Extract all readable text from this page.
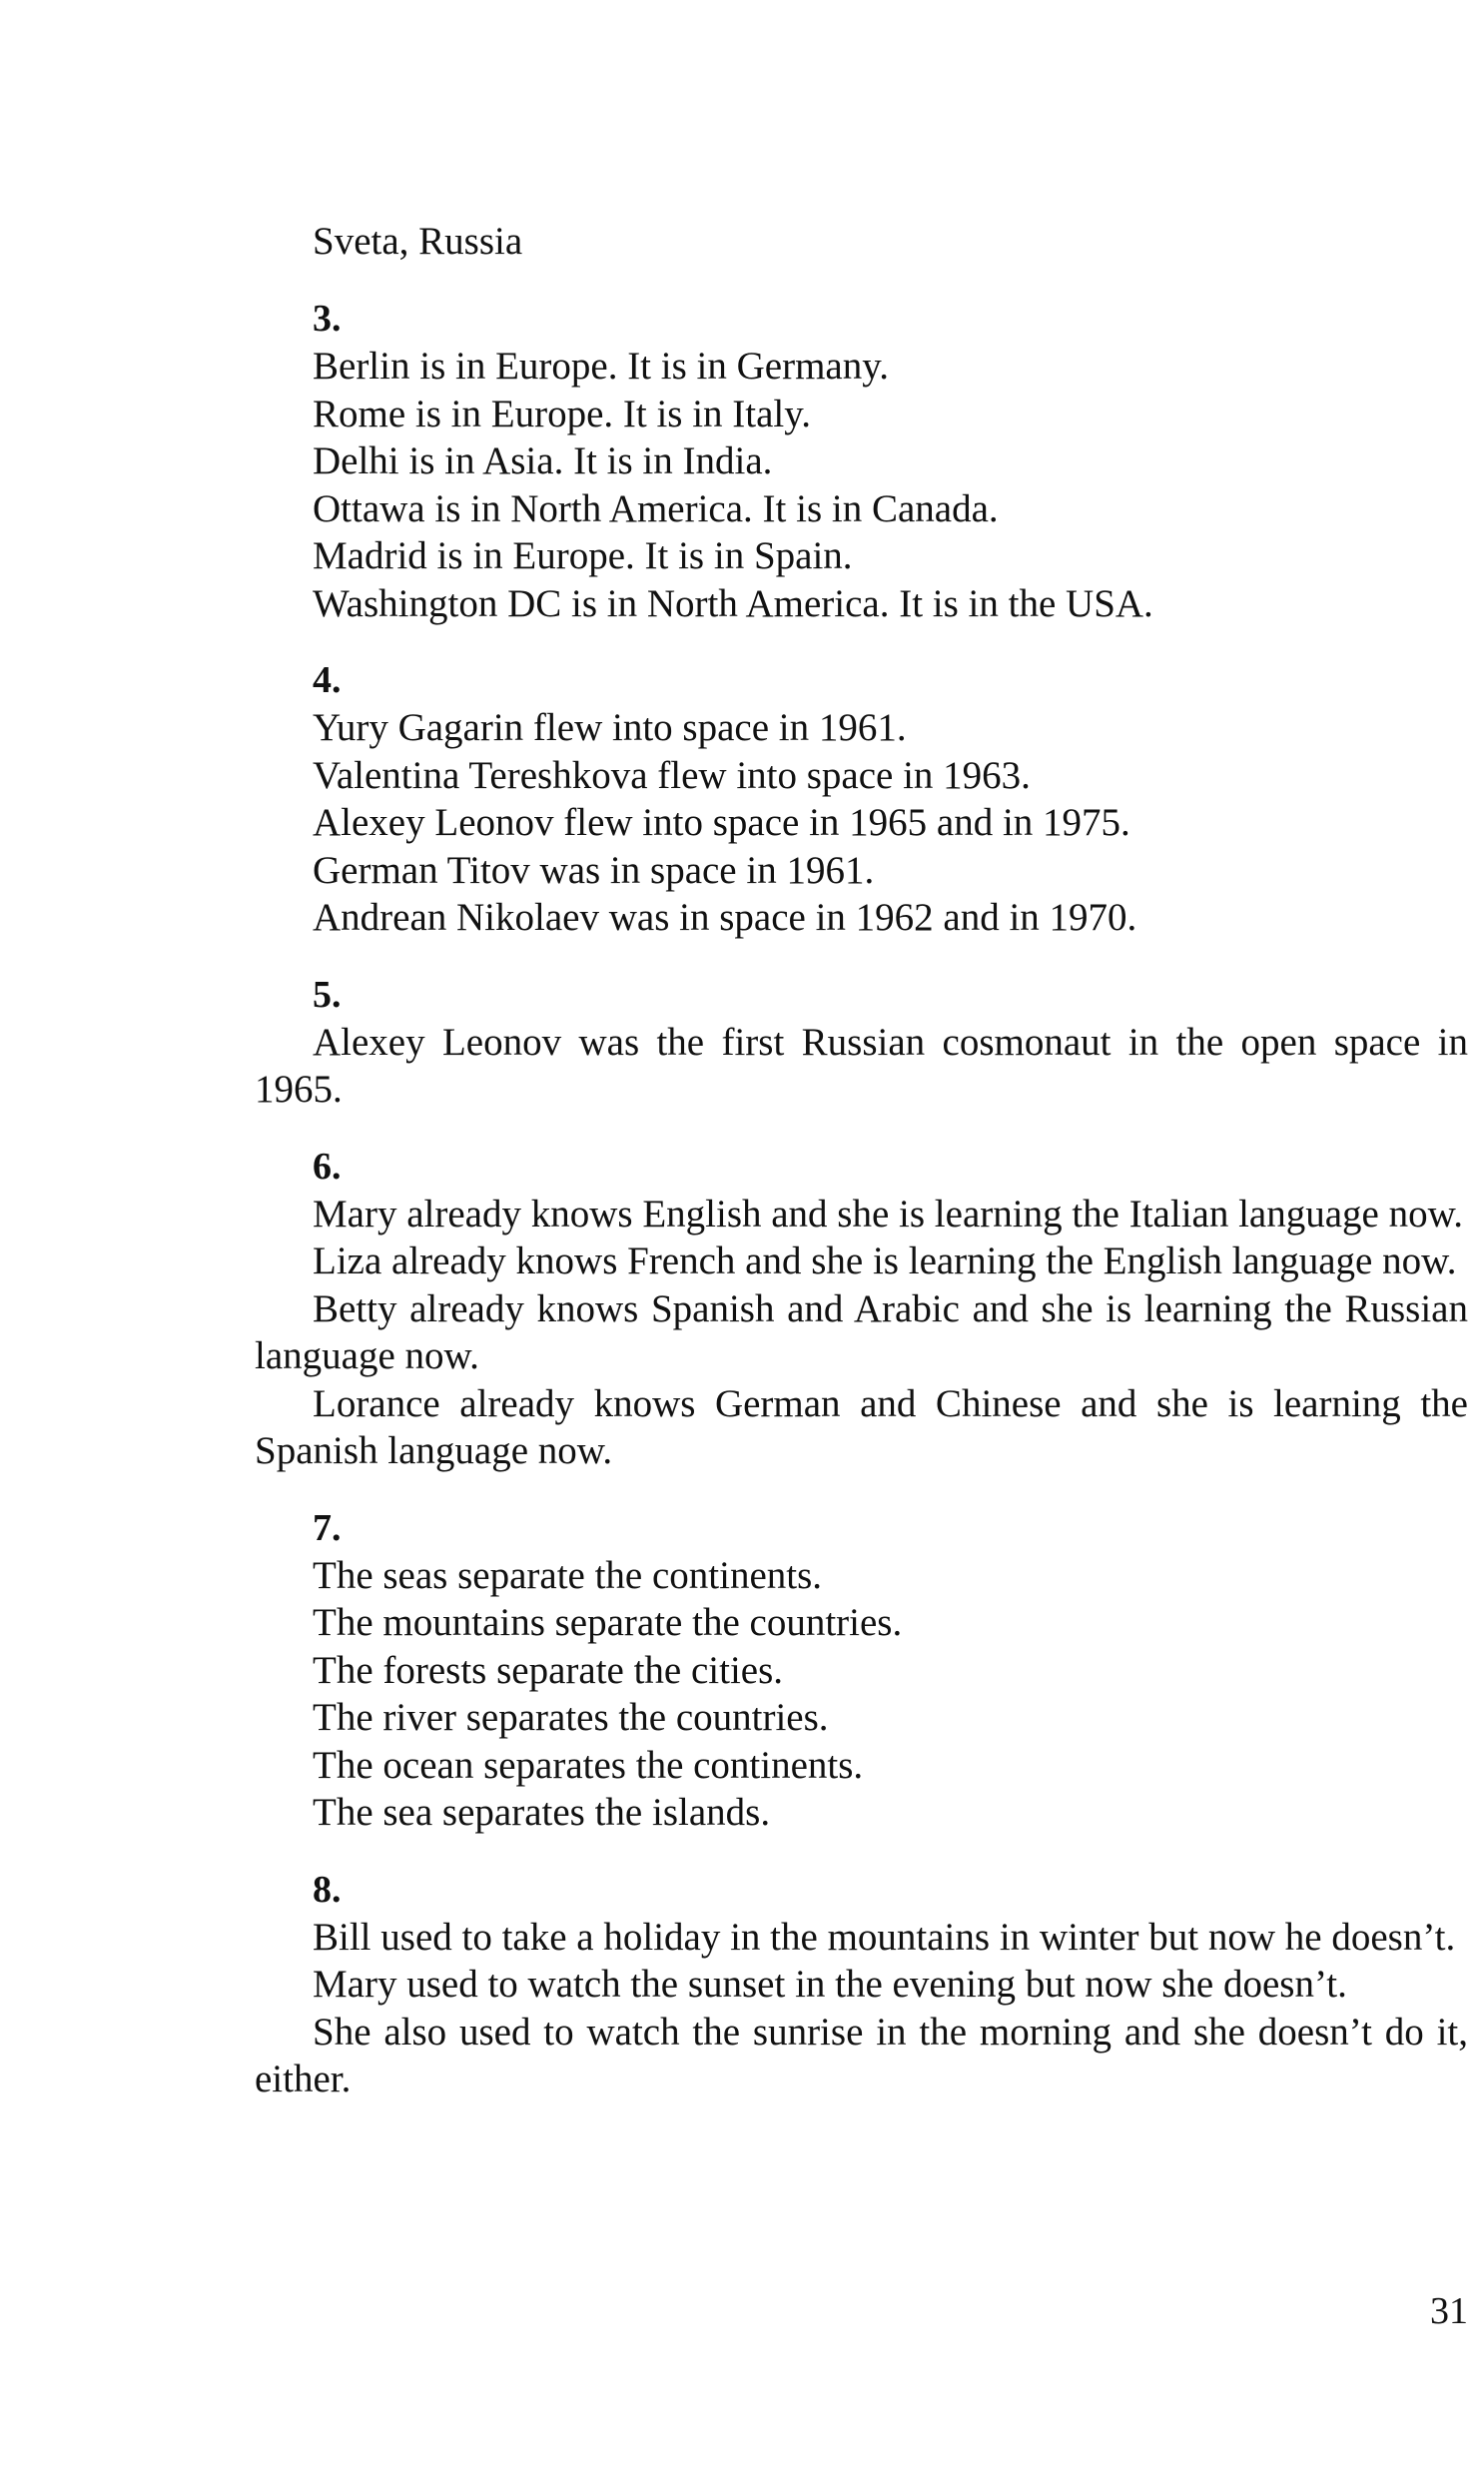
Sveta, Russia

3.

Berlin is in Europe. It is in Germany.

Rome is in Europe. It is in Italy.

Delhi is in Asia. It is in India.

Ottawa is in North America. It is in Canada.

Madrid is in Europe. It is in Spain.

Washington DC is in North America. It is in the USA.

4.

Yury Gagarin flew into space in 1961.

Valentina Tereshkova flew into space in 1963.

Alexey Leonov flew into space in 1965 and in 1975.

German Titov was in space in 1961.

Andrean Nikolaev was in space in 1962 and in 1970.

5.

Alexey Leonov was the first Russian cosmonaut in the open space in 1965.

6.

Mary already knows English and she is learning the Italian language now.

Liza already knows French and she is learning the English language now.

Betty already knows Spanish and Arabic and she is learning the Russian language now.

Lorance already knows German and Chinese and she is learning the Spanish language now.

7.

The seas separate the continents.

The mountains separate the countries.

The forests separate the cities.

The river separates the countries.

The ocean separates the continents.

The sea separates the islands.

8.

Bill used to take a holiday in the mountains in winter but now he doesn’t.

Mary used to watch the sunset in the evening but now she doesn’t.

She also used to watch the sunrise in the morning and she doesn’t do it, either.

31
